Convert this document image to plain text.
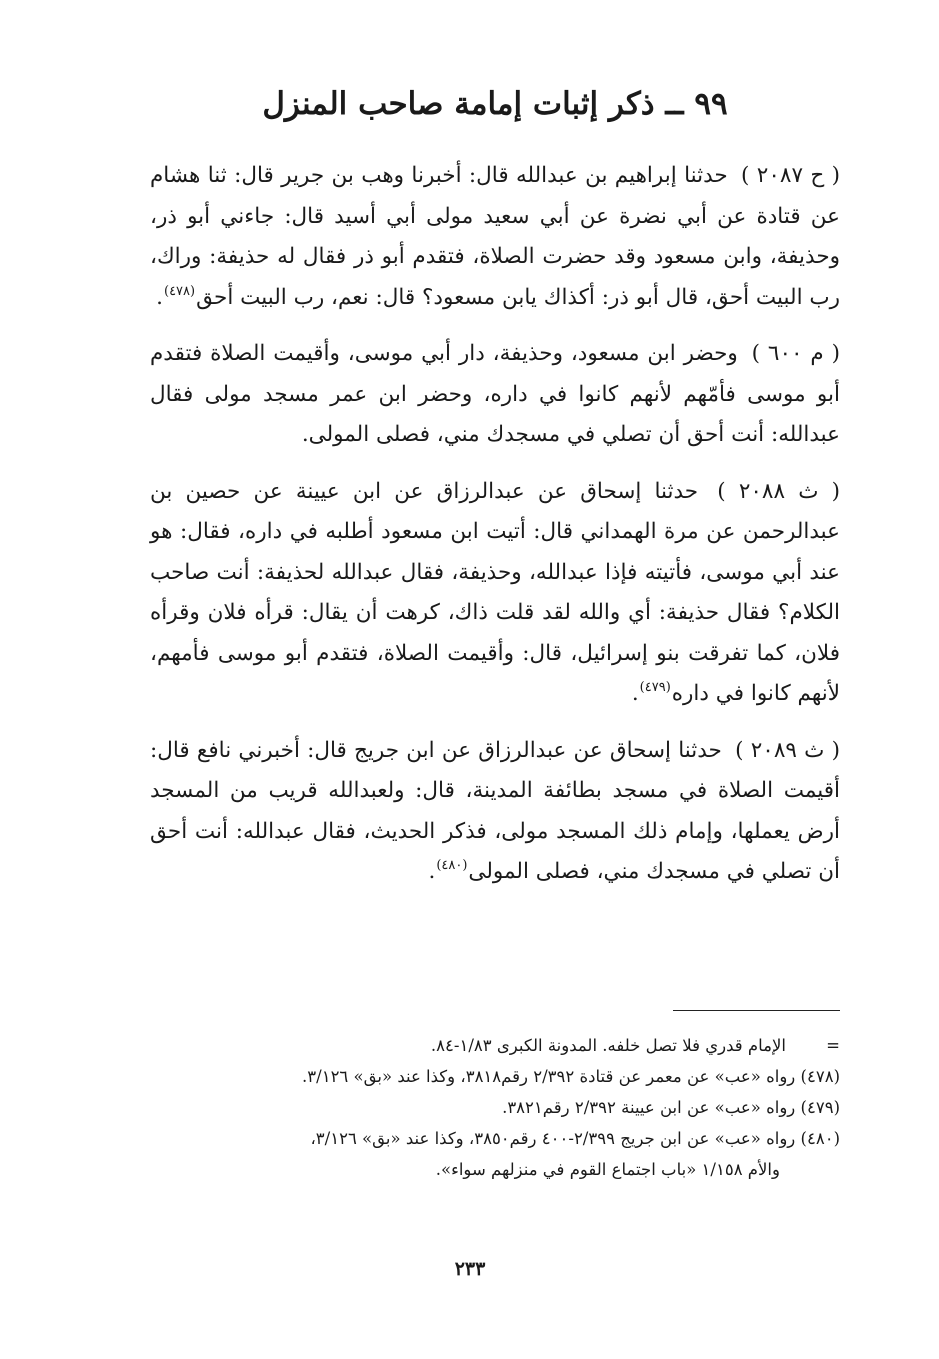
٩٩ ــ ذكر إثبات إمامة صاحب المنزل

( ح ٢٠٨٧ ) حدثنا إبراهيم بن عبدالله قال: أخبرنا وهب بن جرير قال: ثنا هشام عن قتادة عن أبي نضرة عن أبي سعيد مولى أبي أسيد قال: جاءني أبو ذر، وحذيفة، وابن مسعود وقد حضرت الصلاة، فتقدم أبو ذر فقال له حذيفة: وراك، رب البيت أحق، قال أبو ذر: أكذاك يابن مسعود؟ قال: نعم، رب البيت أحق$^{(٤٧٨)}$.

( م ٦٠٠ ) وحضر ابن مسعود، وحذيفة، دار أبي موسى، وأقيمت الصلاة فتقدم أبو موسى فأمّهم لأنهم كانوا في داره، وحضر ابن عمر مسجد مولى فقال عبدالله: أنت أحق أن تصلي في مسجدك مني، فصلى المولى.

( ث ٢٠٨٨ ) حدثنا إسحاق عن عبدالرزاق عن ابن عيينة عن حصين بن عبدالرحمن عن مرة الهمداني قال: أتيت ابن مسعود أطلبه في داره، فقال: هو عند أبي موسى، فأتيته فإذا عبدالله، وحذيفة، فقال عبدالله لحذيفة: أنت صاحب الكلام؟ فقال حذيفة: أي والله لقد قلت ذاك، كرهت أن يقال: قرأه فلان وقرأه فلان، كما تفرقت بنو إسرائيل، قال: وأقيمت الصلاة، فتقدم أبو موسى فأمهم، لأنهم كانوا في داره$^{(٤٧٩)}$.

( ث ٢٠٨٩ ) حدثنا إسحاق عن عبدالرزاق عن ابن جريج قال: أخبرني نافع قال: أقيمت الصلاة في مسجد بطائفة المدينة، قال: ولعبدالله قريب من المسجد أرض يعملها، وإمام ذلك المسجد مولى، فذكر الحديث، فقال عبدالله: أنت أحق أن تصلي في مسجدك مني، فصلى المولى$^{(٤٨٠)}$.

=الإمام قدري فلا تصل خلفه. المدونة الكبرى ١/٨٣-٨٤.

(٤٧٨) رواه «عب» عن معمر عن قتادة ٢/٣٩٢ رقم٣٨١٨، وكذا عند «بق» ٣/١٢٦.

(٤٧٩) رواه «عب» عن ابن عيينة ٢/٣٩٢ رقم٣٨٢١.

(٤٨٠) رواه «عب» عن ابن جريج ٢/٣٩٩-٤٠٠ رقم٣٨٥٠، وكذا عند «بق» ٣/١٢٦،

والأم ١/١٥٨ «باب اجتماع القوم في منزلهم سواء».

٢٣٣
